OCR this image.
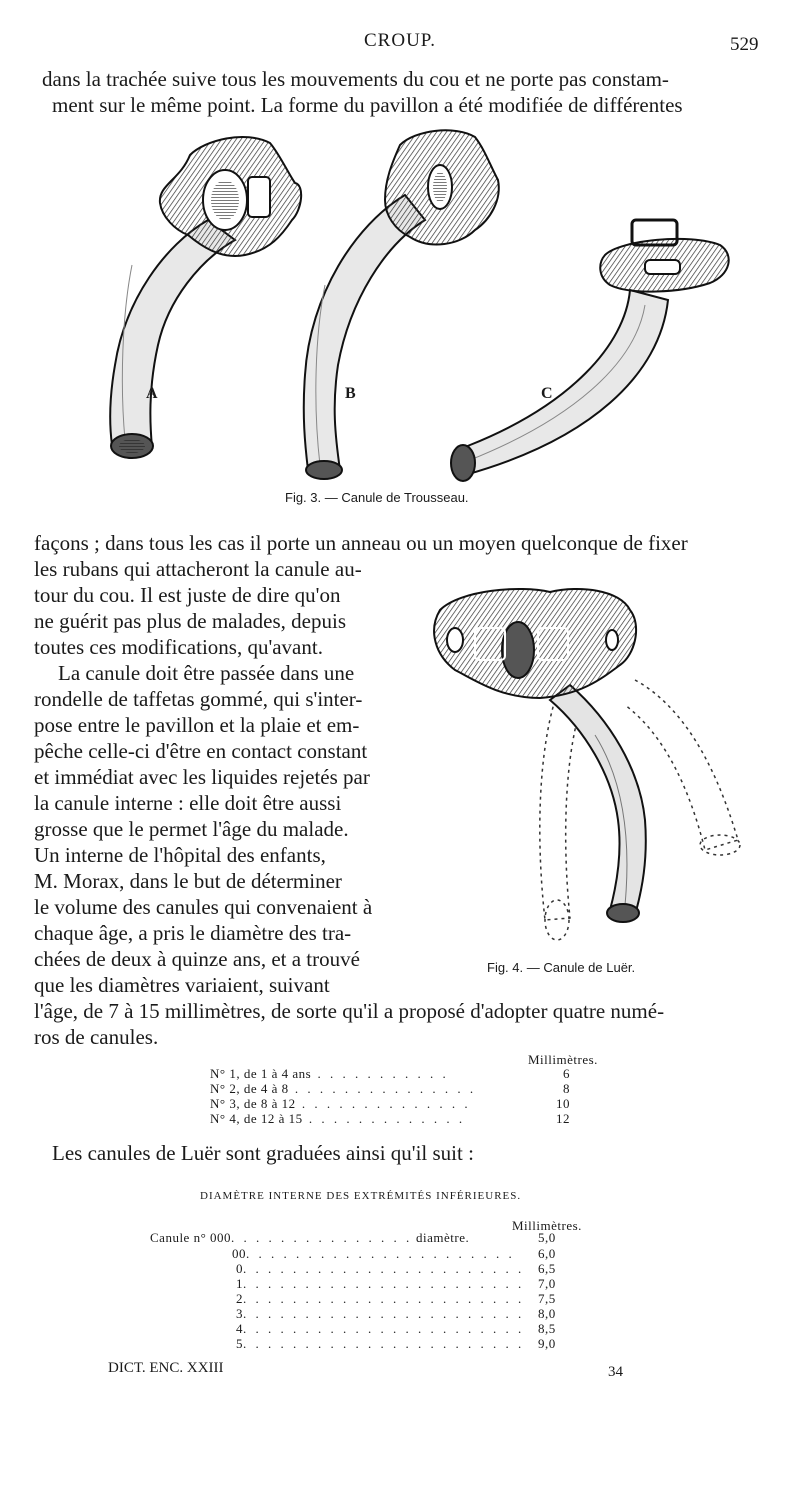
CROUP.	529
dans la trachée suive tous les mouvements du cou et ne porte pas constam-
ment sur le même point. La forme du pavillon a été modifiée de différentes
A	B	C
Fig. 3. — Canule de Trousseau.
façons ; dans tous les cas il porte un anneau ou un moyen quelconque de fixer
les rubans qui attacheront la canule au-
tour du cou. Il est juste de dire qu'on
ne guérit pas plus de malades, depuis
toutes ces modifications, qu'avant.
La canule doit être passée dans une
rondelle de taffetas gommé, qui s'inter-
pose entre le pavillon et la plaie et em-
pêche celle-ci d'être en contact constant
et immédiat avec les liquides rejetés par
la canule interne : elle doit être aussi
grosse que le permet l'âge du malade.
Un interne de l'hôpital des enfants,
M. Morax, dans le but de déterminer
le volume des canules qui convenaient à
chaque âge, a pris le diamètre des tra-
chées de deux à quinze ans, et a trouvé
que les diamètres variaient, suivant
l'âge, de 7 à 15 millimètres, de sorte qu'il a proposé d'adopter quatre numé-
ros de canules.
Fig. 4. — Canule de Luër.
Millimètres.
N° 1, de 1 à 4 ans . . . . . . . . . . .	6
N° 2, de 4 à 8 . . . . . . . . . . . . . . .	8
N° 3, de 8 à 12 . . . . . . . . . . . . . .	10
N° 4, de 12 à 15 . . . . . . . . . . . . .	12
Les canules de Luër sont graduées ainsi qu'il suit :
DIAMÈTRE INTERNE DES EXTRÉMITÉS INFÉRIEURES.
Millimètres.
Canule n° 000. . . . . . . . . . . . . . . diamètre.	5,0
00. . . . . . . . . . . . . . . . . . . . . . 6,0
0. . . . . . . . . . . . . . . . . . . . . . . 6,5
1. . . . . . . . . . . . . . . . . . . . . . . 7,0
2. . . . . . . . . . . . . . . . . . . . . . . 7,5
3. . . . . . . . . . . . . . . . . . . . . . . 8,0
4. . . . . . . . . . . . . . . . . . . . . . . 8,5
5. . . . . . . . . . . . . . . . . . . . . . . 9,0
DICT. ENC. XXIII	34
